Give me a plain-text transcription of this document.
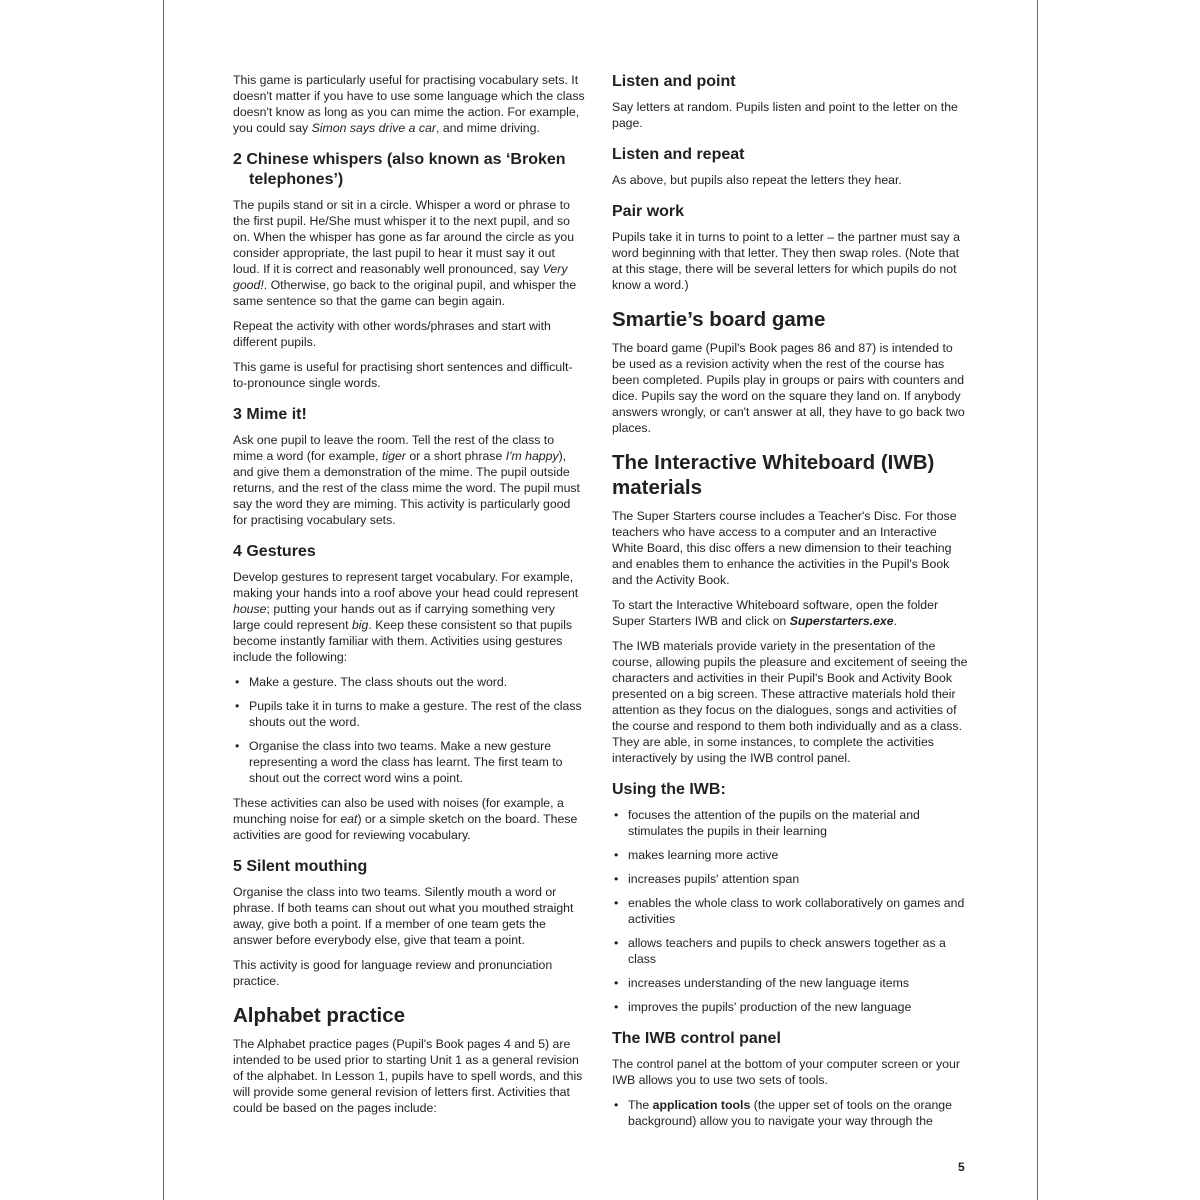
This game is particularly useful for practising vocabulary sets. It doesn't matter if you have to use some language which the class doesn't know as long as you can mime the action. For example, you could say Simon says drive a car, and mime driving.

2 Chinese whispers (also known as ‘Broken telephones’)

The pupils stand or sit in a circle. Whisper a word or phrase to the first pupil. He/She must whisper it to the next pupil, and so on. When the whisper has gone as far around the circle as you consider appropriate, the last pupil to hear it must say it out loud. If it is correct and reasonably well pronounced, say Very good!. Otherwise, go back to the original pupil, and whisper the same sentence so that the game can begin again.

Repeat the activity with other words/phrases and start with different pupils.

This game is useful for practising short sentences and difficult-to-pronounce single words.

3 Mime it!

Ask one pupil to leave the room. Tell the rest of the class to mime a word (for example, tiger or a short phrase I'm happy), and give them a demonstration of the mime. The pupil outside returns, and the rest of the class mime the word. The pupil must say the word they are miming. This activity is particularly good for practising vocabulary sets.

4 Gestures

Develop gestures to represent target vocabulary. For example, making your hands into a roof above your head could represent house; putting your hands out as if carrying something very large could represent big. Keep these consistent so that pupils become instantly familiar with them. Activities using gestures include the following:

• Make a gesture. The class shouts out the word.
• Pupils take it in turns to make a gesture. The rest of the class shouts out the word.
• Organise the class into two teams. Make a new gesture representing a word the class has learnt. The first team to shout out the correct word wins a point.

These activities can also be used with noises (for example, a munching noise for eat) or a simple sketch on the board. These activities are good for reviewing vocabulary.

5 Silent mouthing

Organise the class into two teams. Silently mouth a word or phrase. If both teams can shout out what you mouthed straight away, give both a point. If a member of one team gets the answer before everybody else, give that team a point.

This activity is good for language review and pronunciation practice.

Alphabet practice

The Alphabet practice pages (Pupil's Book pages 4 and 5) are intended to be used prior to starting Unit 1 as a general revision of the alphabet. In Lesson 1, pupils have to spell words, and this will provide some general revision of letters first. Activities that could be based on the pages include:

Listen and point

Say letters at random. Pupils listen and point to the letter on the page.

Listen and repeat

As above, but pupils also repeat the letters they hear.

Pair work

Pupils take it in turns to point to a letter – the partner must say a word beginning with that letter. They then swap roles. (Note that at this stage, there will be several letters for which pupils do not know a word.)

Smartie’s board game

The board game (Pupil's Book pages 86 and 87) is intended to be used as a revision activity when the rest of the course has been completed. Pupils play in groups or pairs with counters and dice. Pupils say the word on the square they land on. If anybody answers wrongly, or can't answer at all, they have to go back two places.

The Interactive Whiteboard (IWB) materials

The Super Starters course includes a Teacher's Disc. For those teachers who have access to a computer and an Interactive White Board, this disc offers a new dimension to their teaching and enables them to enhance the activities in the Pupil's Book and the Activity Book.

To start the Interactive Whiteboard software, open the folder Super Starters IWB and click on Superstarters.exe.

The IWB materials provide variety in the presentation of the course, allowing pupils the pleasure and excitement of seeing the characters and activities in their Pupil's Book and Activity Book presented on a big screen. These attractive materials hold their attention as they focus on the dialogues, songs and activities of the course and respond to them both individually and as a class. They are able, in some instances, to complete the activities interactively by using the IWB control panel.

Using the IWB:
• focuses the attention of the pupils on the material and stimulates the pupils in their learning
• makes learning more active
• increases pupils' attention span
• enables the whole class to work collaboratively on games and activities
• allows teachers and pupils to check answers together as a class
• increases understanding of the new language items
• improves the pupils' production of the new language
The IWB control panel

The control panel at the bottom of your computer screen or your IWB allows you to use two sets of tools.

• The application tools (the upper set of tools on the orange background) allow you to navigate your way through the
5
